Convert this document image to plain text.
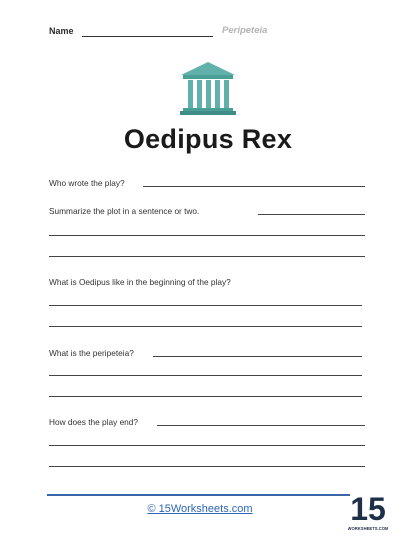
Name	Peripeteia
Oedipus Rex
Who wrote the play?
Summarize the plot in a sentence or two.
What is Oedipus like in the beginning of the play?
What is the peripeteia?
How does the play end?
© 15Worksheets.com	15
WORKSHEETS.COM
